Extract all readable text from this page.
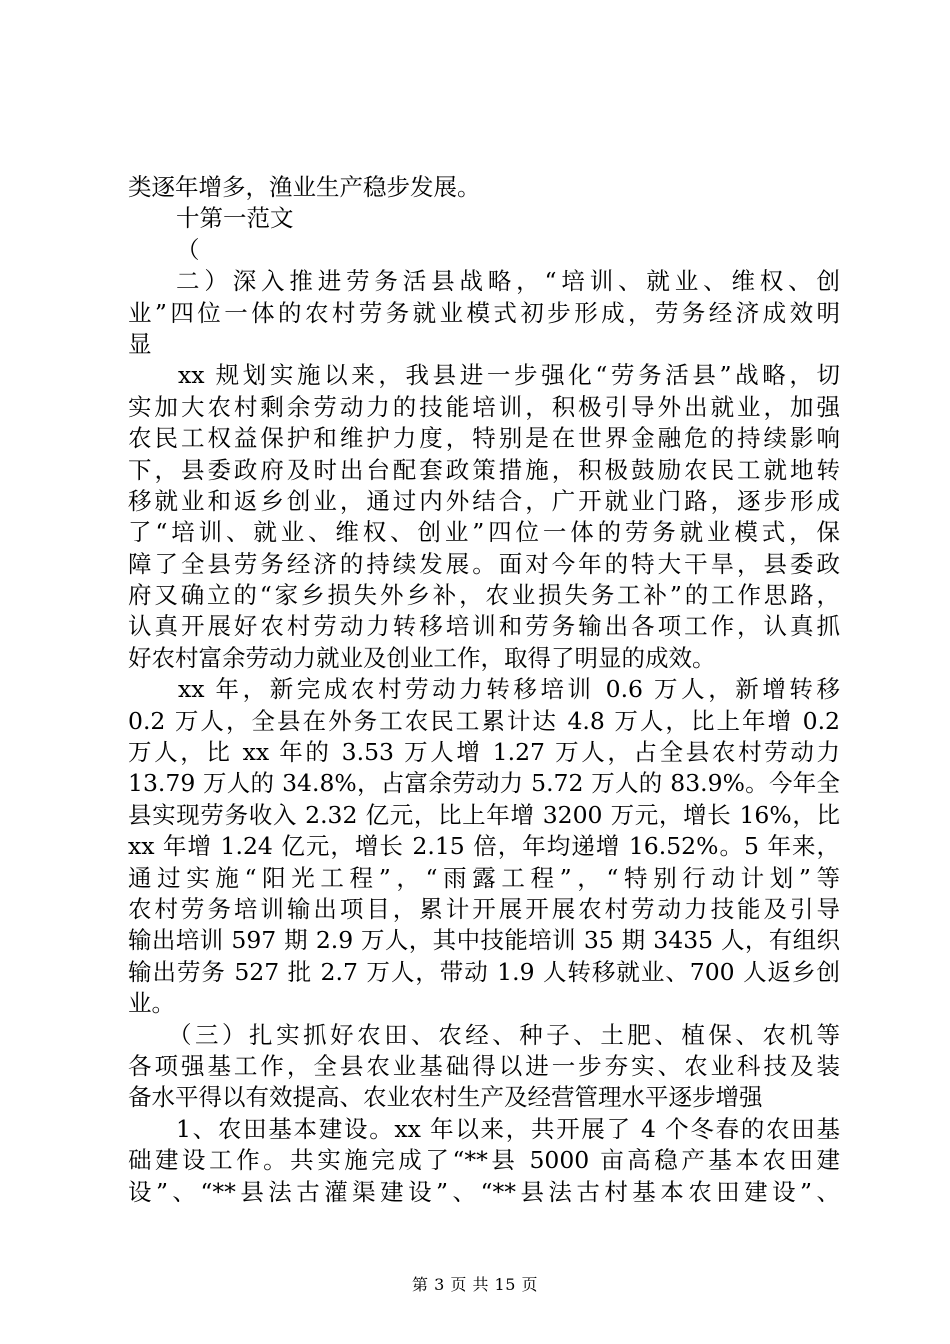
类逐年增多，渔业生产稳步发展。
十第一范文
（
二）深入推进劳务活县战略，“培训、就业、维权、创
业”四位一体的农村劳务就业模式初步形成，劳务经济成效明
显
xx 规划实施以来，我县进一步强化“劳务活县”战略，切
实加大农村剩余劳动力的技能培训，积极引导外出就业，加强
农民工权益保护和维护力度，特别是在世界金融危的持续影响
下，县委政府及时出台配套政策措施，积极鼓励农民工就地转
移就业和返乡创业，通过内外结合，广开就业门路，逐步形成
了“培训、就业、维权、创业”四位一体的劳务就业模式，保
障了全县劳务经济的持续发展。面对今年的特大干旱，县委政
府又确立的“家乡损失外乡补，农业损失务工补”的工作思路，
认真开展好农村劳动力转移培训和劳务输出各项工作，认真抓
好农村富余劳动力就业及创业工作，取得了明显的成效。
xx 年，新完成农村劳动力转移培训 0.6 万人，新增转移
0.2 万人，全县在外务工农民工累计达 4.8 万人，比上年增 0.2
万人，比 xx 年的 3.53 万人增 1.27 万人，占全县农村劳动力
13.79 万人的 34.8%，占富余劳动力 5.72 万人的 83.9%。今年全
县实现劳务收入 2.32 亿元，比上年增 3200 万元，增长 16%，比
xx 年增 1.24 亿元，增长 2.15 倍，年均递增 16.52%。5 年来，
通过实施“阳光工程”，“雨露工程”，“特别行动计划”等
农村劳务培训输出项目，累计开展开展农村劳动力技能及引导
输出培训 597 期 2.9 万人，其中技能培训 35 期 3435 人，有组织
输出劳务 527 批 2.7 万人，带动 1.9 人转移就业、700 人返乡创
业。
（三）扎实抓好农田、农经、种子、土肥、植保、农机等
各项强基工作，全县农业基础得以进一步夯实、农业科技及装
备水平得以有效提高、农业农村生产及经营管理水平逐步增强
1、农田基本建设。xx 年以来，共开展了 4 个冬春的农田基
础建设工作。共实施完成了“**县 5000 亩高稳产基本农田建
设”、“**县法古灌渠建设”、“**县法古村基本农田建设”、
第 3 页 共 15 页
